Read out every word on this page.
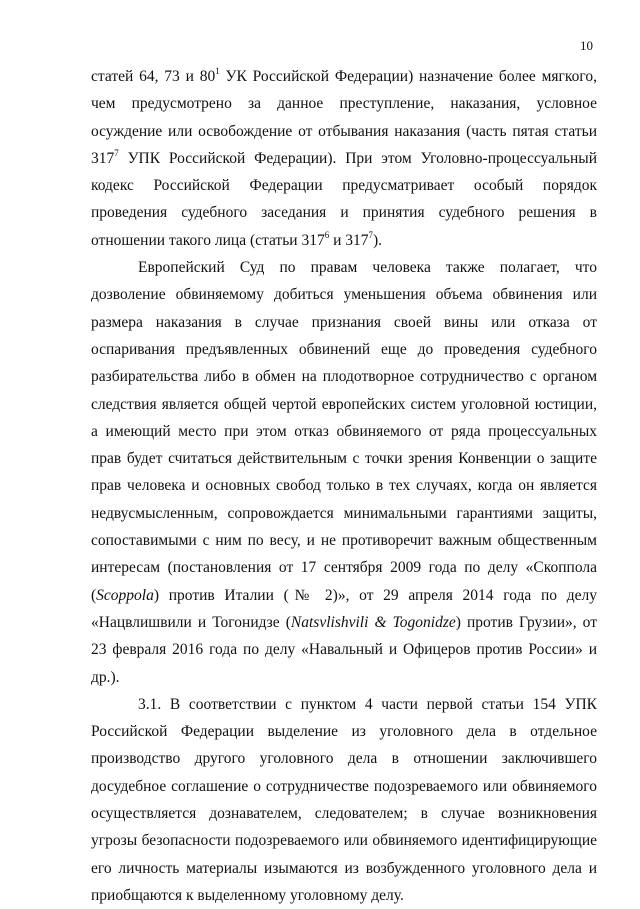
10

статей 64, 73 и $80^1$ УК Российской Федерации) назначение более мягкого, чем предусмотрено за данное преступление, наказания, условное осуждение или освобождение от отбывания наказания (часть пятая статьи $317^7$ УПК Российской Федерации). При этом Уголовно-процессуальный кодекс Российской Федерации предусматривает особый порядок проведения судебного заседания и принятия судебного решения в отношении такого лица (статьи $317^6$ и $317^7$).

Европейский Суд по правам человека также полагает, что дозволение обвиняемому добиться уменьшения объема обвинения или размера наказания в случае признания своей вины или отказа от оспаривания предъявленных обвинений еще до проведения судебного разбирательства либо в обмен на плодотворное сотрудничество с органом следствия является общей чертой европейских систем уголовной юстиции, а имеющий место при этом отказ обвиняемого от ряда процессуальных прав будет считаться действительным с точки зрения Конвенции о защите прав человека и основных свобод только в тех случаях, когда он является недвусмысленным, сопровождается минимальными гарантиями защиты, сопоставимыми с ним по весу, и не противоречит важным общественным интересам (постановления от 17 сентября 2009 года по делу «Скоппола (Scoppola) против Италии (№ 2)», от 29 апреля 2014 года по делу «Нацвлишвили и Тогонидзе (Natsvlishvili & Togonidze) против Грузии», от 23 февраля 2016 года по делу «Навальный и Офицеров против России» и др.).

3.1. В соответствии с пунктом 4 части первой статьи 154 УПК Российской Федерации выделение из уголовного дела в отдельное производство другого уголовного дела в отношении заключившего досудебное соглашение о сотрудничестве подозреваемого или обвиняемого осуществляется дознавателем, следователем; в случае возникновения угрозы безопасности подозреваемого или обвиняемого идентифицирующие его личность материалы изымаются из возбужденного уголовного дела и приобщаются к выделенному уголовному делу.
